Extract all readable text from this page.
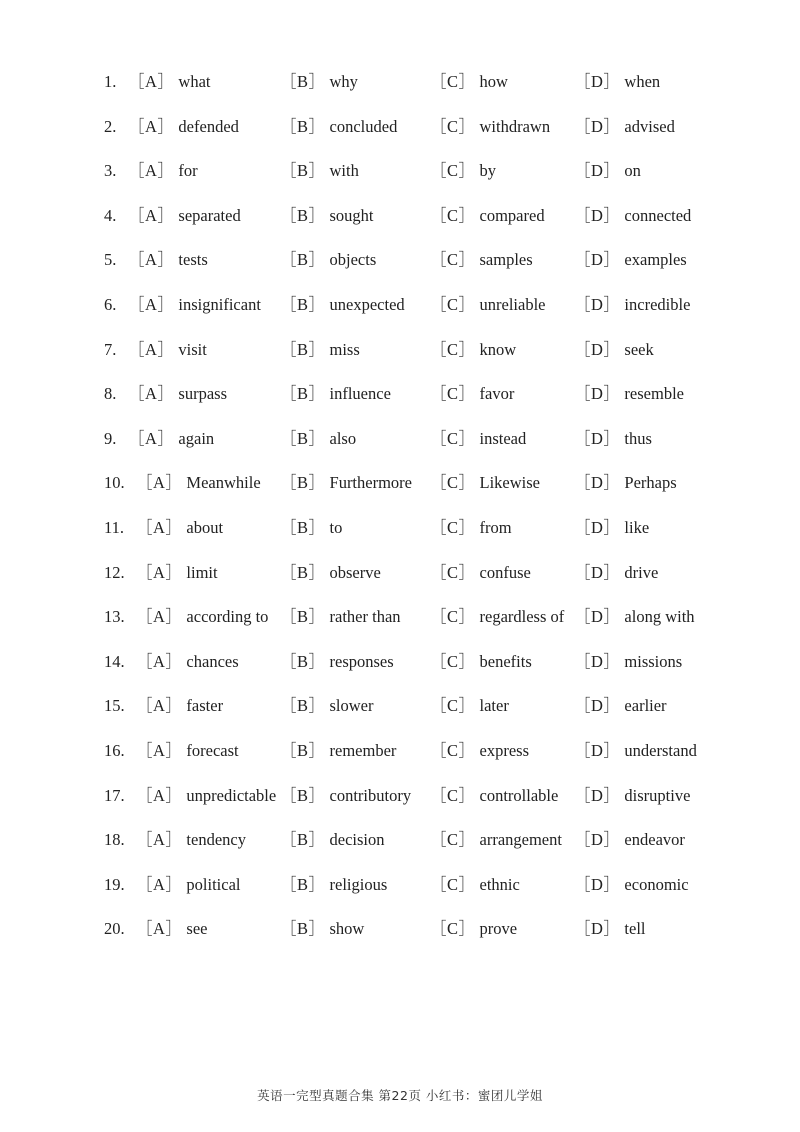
1. ［A］ what	［B］ why	［C］ how	［D］ when
2. ［A］ defended ［B］ concluded ［C］ withdrawn ［D］ advised
3. ［A］ for	［B］ with	［C］ by	［D］ on
4. ［A］ separated ［B］ sought	［C］ compared ［D］ connected
5. ［A］ tests	［B］ objects	［C］ samples	［D］ examples
6. ［A］ insignificant ［B］ unexpected ［C］ unreliable ［D］ incredible
7. ［A］ visit	［B］ miss	［C］ know	［D］ seek
8. ［A］ surpass	［B］ influence ［C］ favor	［D］ resemble
9. ［A］ again	［B］ also	［C］ instead	［D］ thus
10. ［A］ Meanwhile ［B］ Furthermore ［C］ Likewise ［D］ Perhaps
11. ［A］ about	［B］ to	［C］ from	［D］ like
12. ［A］ limit	［B］ observe	［C］ confuse	［D］ drive
13. ［A］ according to ［B］ rather than ［C］ regardless of ［D］ along with
14. ［A］ chances	［B］ responses ［C］ benefits	［D］ missions
15. ［A］ faster	［B］ slower	［C］ later	［D］ earlier
16. ［A］ forecast	［B］ remember ［C］ express	［D］ understand
17. ［A］ unpredictable ［B］ contributory ［C］ controllable ［D］ disruptive
18. ［A］ tendency ［B］ decision	［C］ arrangement ［D］ endeavor
19. ［A］ political ［B］ religious	［C］ ethnic	［D］ economic
20. ［A］ see	［B］ show	［C］ prove	［D］ tell
英语一完型真题合集 第22页 小红书：蜜团儿学姐
